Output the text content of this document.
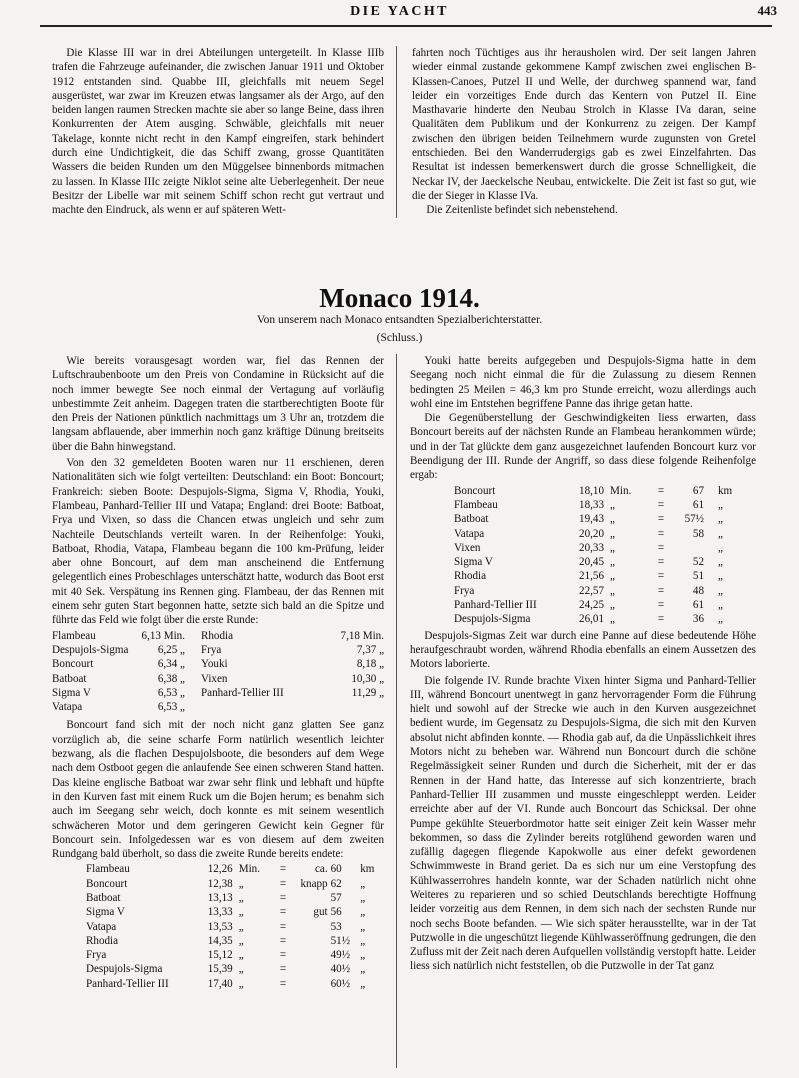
DIE YACHT	443

Die Klasse III war in drei Abteilungen untergeteilt. In Klasse IIIb trafen die Fahrzeuge aufeinander, die zwischen Januar 1911 und Oktober 1912 entstanden sind. Quabbe III, gleichfalls mit neuem Segel ausgerüstet, war zwar im Kreuzen etwas langsamer als der Argo, auf den beiden langen raumen Strecken machte sie aber so lange Beine, dass ihren Konkurrenten der Atem ausging. Schwäble, gleichfalls mit neuer Takelage, konnte nicht recht in den Kampf eingreifen, stark behindert durch eine Undichtigkeit, die das Schiff zwang, grosse Quantitäten Wassers die beiden Runden um den Müggelsee binnenbords mitmachen zu lassen. In Klasse IIIc zeigte Niklot seine alte Ueberlegenheit. Der neue Besitzr der Libelle war mit seinem Schiff schon recht gut vertraut und machte den Eindruck, als wenn er auf späteren Wett-

fahrten noch Tüchtiges aus ihr herausholen wird. Der seit langen Jahren wieder einmal zustande gekommene Kampf zwischen zwei englischen B-Klassen-Canoes, Putzel II und Welle, der durchweg spannend war, fand leider ein vorzeitiges Ende durch das Kentern von Putzel II. Eine Masthavarie hinderte den Neubau Strolch in Klasse IVa daran, seine Qualitäten dem Publikum und der Konkurrenz zu zeigen. Der Kampf zwischen den übrigen beiden Teilnehmern wurde zugunsten von Gretel entschieden. Bei den Wanderrudergigs gab es zwei Einzelfahrten. Das Resultat ist indessen bemerkenswert durch die grosse Schnelligkeit, die Neckar IV, der Jaeckelsche Neubau, entwickelte. Die Zeit ist fast so gut, wie die der Sieger in Klasse IVa.

Die Zeitenliste befindet sich nebenstehend.

Monaco 1914.
Von unserem nach Monaco entsandten Spezialberichterstatter.
(Schluss.)

Wie bereits vorausgesagt worden war, fiel das Rennen der Luftschraubenboote um den Preis von Condamine in Rücksicht auf die noch immer bewegte See noch einmal der Vertagung auf vorläufig unbestimmte Zeit anheim. Dagegen traten die startberechtigten Boote für den Preis der Nationen pünktlich nachmittags um 3 Uhr an, trotzdem die langsam abflauende, aber immerhin noch ganz kräftige Dünung breitseits über die Bahn hinwegstand.

Von den 32 gemeldeten Booten waren nur 11 erschienen, deren Nationalitäten sich wie folgt verteilten: Deutschland: ein Boot: Boncourt; Frankreich: sieben Boote: Despujols-Sigma, Sigma V, Rhodia, Youki, Flambeau, Panhard-Tellier III und Vatapa; England: drei Boote: Batboat, Frya und Vixen, so dass die Chancen etwas ungleich und sehr zum Nachteile Deutschlands verteilt waren. In der Reihenfolge: Youki, Batboat, Rhodia, Vatapa, Flambeau begann die 100 km-Prüfung, leider aber ohne Boncourt, auf dem man anscheinend die Entfernung gelegentlich eines Probeschlages unterschätzt hatte, wodurch das Boot erst mit 40 Sek. Verspätung ins Rennen ging. Flambeau, der das Rennen mit einem sehr guten Start begonnen hatte, setzte sich bald an die Spitze und führte das Feld wie folgt über die erste Runde:

Flambeau	6,13 Min.	Rhodia	7,18 Min.
Despujols-Sigma	6,25 „	Frya	7,37 „
Boncourt	6,34 „	Youki	8,18 „
Batboat	6,38 „	Vixen	10,30 „
Sigma V	6,53 „	Panhard-Tellier III	11,29 „
Vatapa	6,53 „		

Boncourt fand sich mit der noch nicht ganz glatten See ganz vorzüglich ab, die seine scharfe Form natürlich wesentlich leichter bezwang, als die flachen Despujolsboote, die besonders auf dem Wege nach dem Ostboot gegen die anlaufende See einen schweren Stand hatten. Das kleine englische Batboat war zwar sehr flink und lebhaft und hüpfte in den Kurven fast mit einem Ruck um die Bojen herum; es benahm sich auch im Seegang sehr weich, doch konnte es mit seinem wesentlich schwächeren Motor und dem geringeren Gewicht kein Gegner für Boncourt sein. Infolgedessen war es von diesem auf dem zweiten Rundgang bald überholt, so dass die zweite Runde bereits endete:

Flambeau	12,26	Min.	=	ca.	60	km
Boncourt	12,38	„	=	knapp	62	„
Batboat	13,13	„	=		57	„
Sigma V	13,33	„	=	gut	56	„
Vatapa	13,53	„	=		53	„
Rhodia	14,35	„	=		51½	„
Frya	15,12	„	=		49½	„
Despujols-Sigma	15,39	„	=		40½	„
Panhard-Tellier III	17,40	„	=		60½	„

Youki hatte bereits aufgegeben und Despujols-Sigma hatte in dem Seegang noch nicht einmal die für die Zulassung zu diesem Rennen bedingten 25 Meilen = 46,3 km pro Stunde erreicht, wozu allerdings auch wohl eine im Entstehen begriffene Panne das ihrige getan hatte.

Die Gegenüberstellung der Geschwindigkeiten liess erwarten, dass Boncourt bereits auf der nächsten Runde an Flambeau herankommen würde; und in der Tat glückte dem ganz ausgezeichnet laufenden Boncourt kurz vor Beendigung der III. Runde der Angriff, so dass diese folgende Reihenfolge ergab:

Boncourt	18,10	Min.	=	67	km
Flambeau	18,33	„	=	61	„
Batboat	19,43	„	=	57½	„
Vatapa	20,20	„	=	58	„
Vixen	20,33	„	=		„
Sigma V	20,45	„	=	52	„
Rhodia	21,56	„	=	51	„
Frya	22,57	„	=	48	„
Panhard-Tellier III	24,25	„	=	61	„
Despujols-Sigma	26,01	„	=	36	„

Despujols-Sigmas Zeit war durch eine Panne auf diese bedeutende Höhe heraufgeschraubt worden, während Rhodia ebenfalls an einem Aussetzen des Motors laborierte.

Die folgende IV. Runde brachte Vixen hinter Sigma und Panhard-Tellier III, während Boncourt unentwegt in ganz hervorragender Form die Führung hielt und sowohl auf der Strecke wie auch in den Kurven ausgezeichnet bedient wurde, im Gegensatz zu Despujols-Sigma, die sich mit den Kurven absolut nicht abfinden konnte. — Rhodia gab auf, da die Unpässlichkeit ihres Motors nicht zu beheben war. Während nun Boncourt durch die schöne Regelmässigkeit seiner Runden und durch die Sicherheit, mit der er das Rennen in der Hand hatte, das Interesse auf sich konzentrierte, brach Panhard-Tellier III zusammen und musste eingeschleppt werden. Leider erreichte aber auf der VI. Runde auch Boncourt das Schicksal. Der ohne Pumpe gekühlte Steuerbordmotor hatte seit einiger Zeit kein Wasser mehr bekommen, so dass die Zylinder bereits rotglühend geworden waren und zufällig dagegen fliegende Kapokwolle aus einer defekt gewordenen Schwimmweste in Brand geriet. Da es sich nur um eine Verstopfung des Kühlwasserrohres handeln konnte, war der Schaden natürlich nicht ohne Weiteres zu reparieren und so schied Deutschlands berechtigte Hoffnung leider vorzeitig aus dem Rennen, in dem sich nach der sechsten Runde nur noch sechs Boote befanden. — Wie sich später herausstellte, war in der Tat Putzwolle in die ungeschützt liegende Kühlwasseröffnung gedrungen, die den Zufluss mit der Zeit nach deren Aufquellen vollständig verstopft hatte. Leider liess sich natürlich nicht feststellen, ob die Putzwolle in der Tat ganz
